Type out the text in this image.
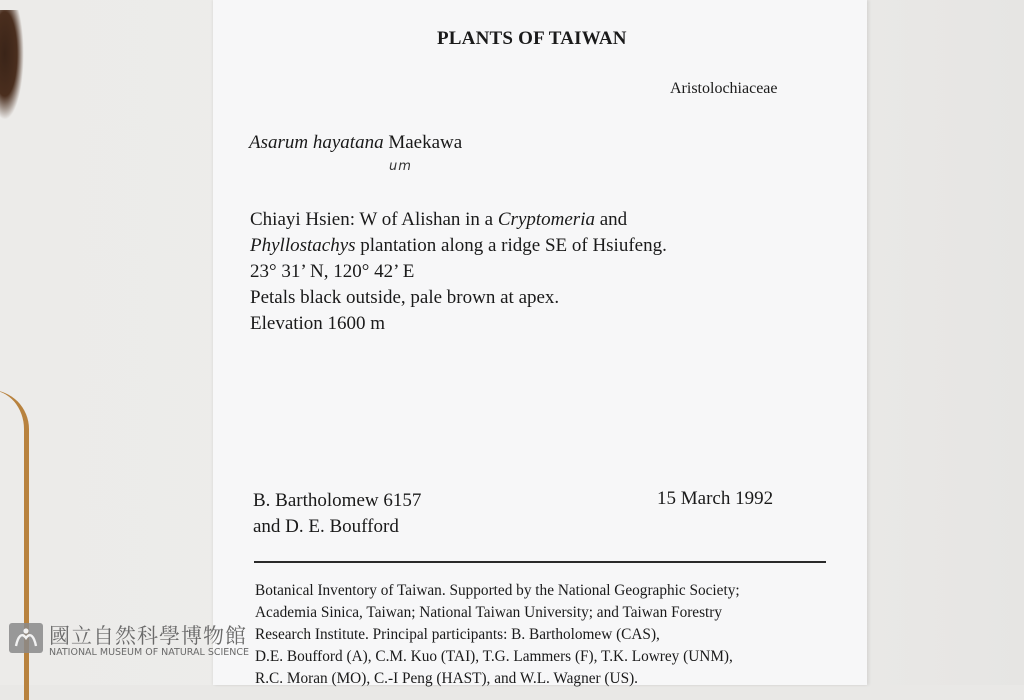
PLANTS OF TAIWAN
Aristolochiaceae
Asarum hayatana Maekawa
um
Chiayi Hsien: W of Alishan in a Cryptomeria and
Phyllostachys plantation along a ridge SE of Hsiufeng.
23° 31’ N, 120° 42’ E
Petals black outside, pale brown at apex.
Elevation 1600 m
B. Bartholomew 6157
and D. E. Boufford
15 March 1992
Botanical Inventory of Taiwan. Supported by the National Geographic Society;
Academia Sinica, Taiwan; National Taiwan University; and Taiwan Forestry
Research Institute. Principal participants: B. Bartholomew (CAS),
D.E. Boufford (A), C.M. Kuo (TAI), T.G. Lammers (F), T.K. Lowrey (UNM),
R.C. Moran (MO), C.-I Peng (HAST), and W.L. Wagner (US).
國立自然科學博物館
NATIONAL MUSEUM OF NATURAL SCIENCE
